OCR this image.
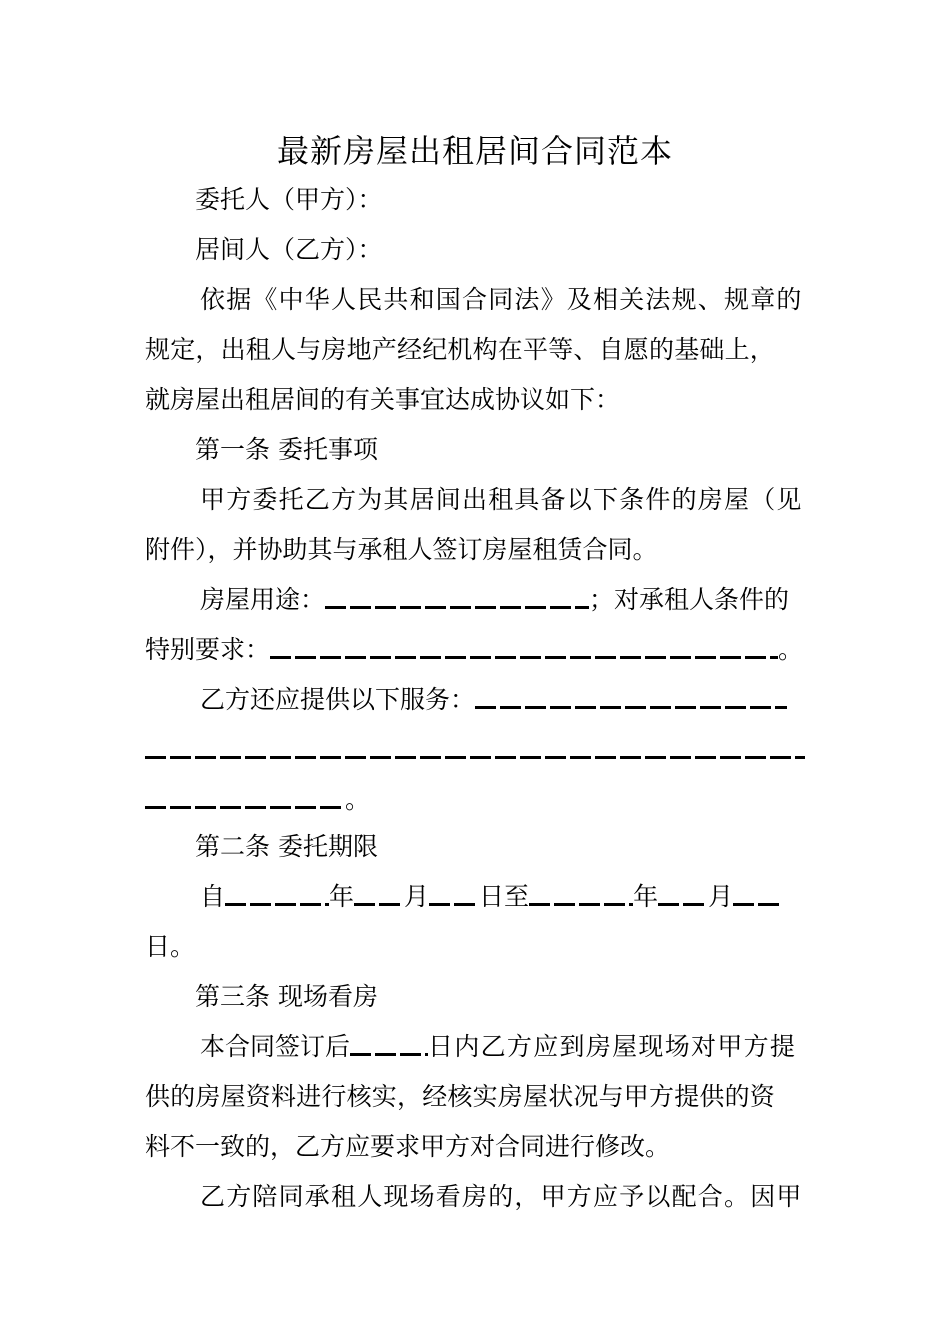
最新房屋出租居间合同范本
委托人（甲方）：
居间人（乙方）：
依据《中华人民共和国合同法》及相关法规、规章的
规定，出租人与房地产经纪机构在平等、自愿的基础上，
就房屋出租居间的有关事宜达成协议如下：
第一条 委托事项
甲方委托乙方为其居间出租具备以下条件的房屋（见
附件），并协助其与承租人签订房屋租赁合同。
房屋用途：	；对承租人条件的
特别要求：	。
乙方还应提供以下服务：
。
第二条 委托期限
自	年 月 日至	年 月
日。
第三条 现场看房
本合同签订后	日内乙方应到房屋现场对甲方提
供的房屋资料进行核实，经核实房屋状况与甲方提供的资
料不一致的，乙方应要求甲方对合同进行修改。
乙方陪同承租人现场看房的，甲方应予以配合。因甲
